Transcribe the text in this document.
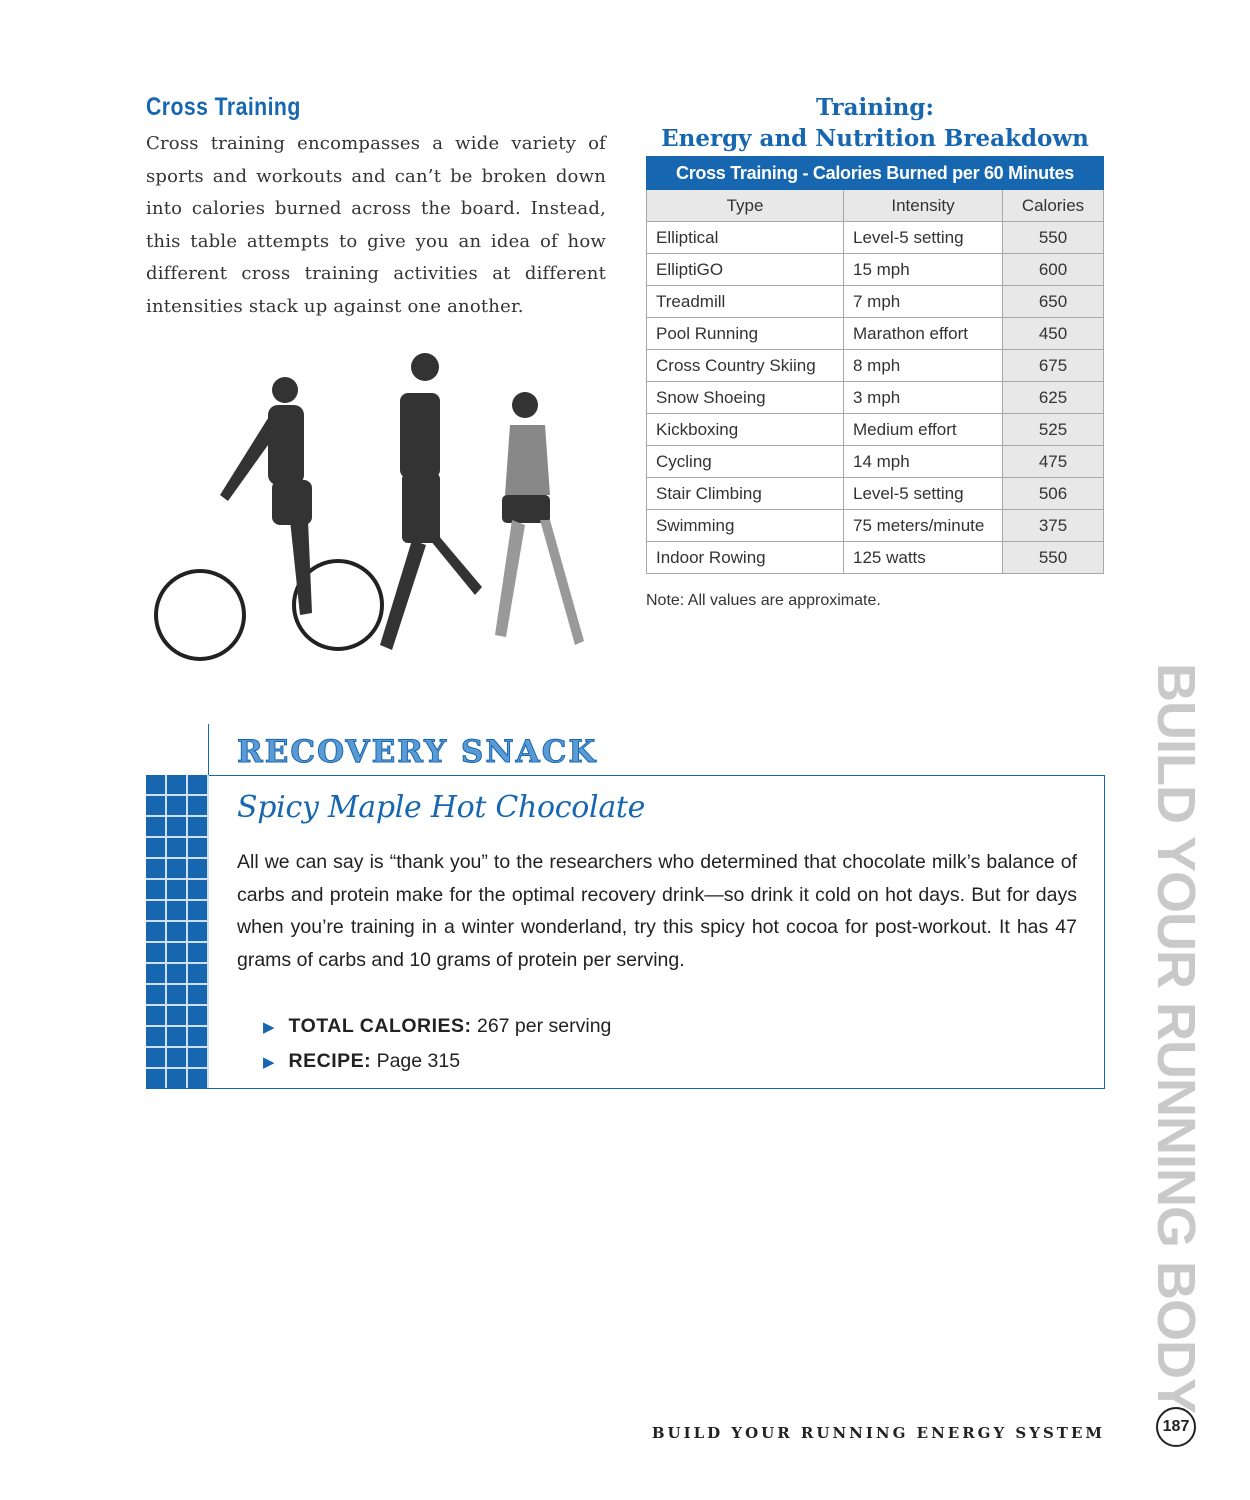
Cross Training
Cross training encompasses a wide variety of sports and workouts and can’t be broken down into calories burned across the board. Instead, this table attempts to give you an idea of how different cross training activities at different intensities stack up against one another.
Training:
Energy and Nutrition Breakdown
Cross Training - Calories Burned per 60 Minutes		
Type	Intensity	Calories
Elliptical	Level-5 setting	550
ElliptiGO	15 mph	600
Treadmill	7 mph	650
Pool Running	Marathon effort	450
Cross Country Skiing	8 mph	675
Snow Shoeing	3 mph	625
Kickboxing	Medium effort	525
Cycling	14 mph	475
Stair Climbing	Level-5 setting	506
Swimming	75 meters/minute	375
Indoor Rowing	125 watts	550
Note: All values are approximate.
RECOVERY SNACK
Spicy Maple Hot Chocolate
All we can say is “thank you” to the researchers who determined that chocolate milk’s balance of carbs and protein make for the optimal recovery drink—so drink it cold on hot days. But for days when you’re training in a winter wonderland, try this spicy hot cocoa for post-workout. It has 47 grams of carbs and 10 grams of protein per serving.
▶ TOTAL CALORIES: 267 per serving
▶ RECIPE: Page 315	BUILD YOUR RUNNING BODY
BUILD YOUR RUNNING ENERGY SYSTEM	187
